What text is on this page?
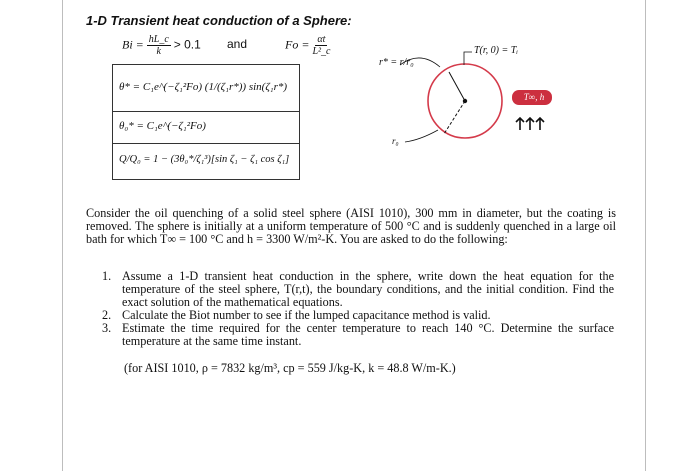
1-D Transient heat conduction of a Sphere:
$Bi = \frac{hL\_c}{k} > 0.1$ and	$Fo = \frac{\alpha t}{\text{L²\_c}}$
θ* = C₁e^(−ζ₁²Fo) (1/(ζ₁r*)) sin(ζ₁r*)
θ₀* = C₁e^(−ζ₁²Fo)
Q/Q₀ = 1 − (3θ₀*/ζ₁³)[sin ζ₁ − ζ₁ cos ζ₁]
r* = r/r₀
T(r, 0) = Tᵢ
T∞, h
r₀
Consider the oil quenching of a solid steel sphere (AISI 1010), 300 mm in diameter, but the coating is removed. The sphere is initially at a uniform temperature of 500 °C and is suddenly quenched in a large oil bath for which T∞ = 100 °C and h = 3300 W/m²-K. You are asked to do the following:
1. Assume a 1-D transient heat conduction in the sphere, write down the heat equation for the temperature of the steel sphere, T(r,t), the boundary conditions, and the initial condition. Find the exact solution of the mathematical equations.
2. Calculate the Biot number to see if the lumped capacitance method is valid.
3. Estimate the time required for the center temperature to reach 140 °C. Determine the surface temperature at the same time instant.
(for AISI 1010, ρ = 7832 kg/m³, cp = 559 J/kg-K, k = 48.8 W/m-K.)
